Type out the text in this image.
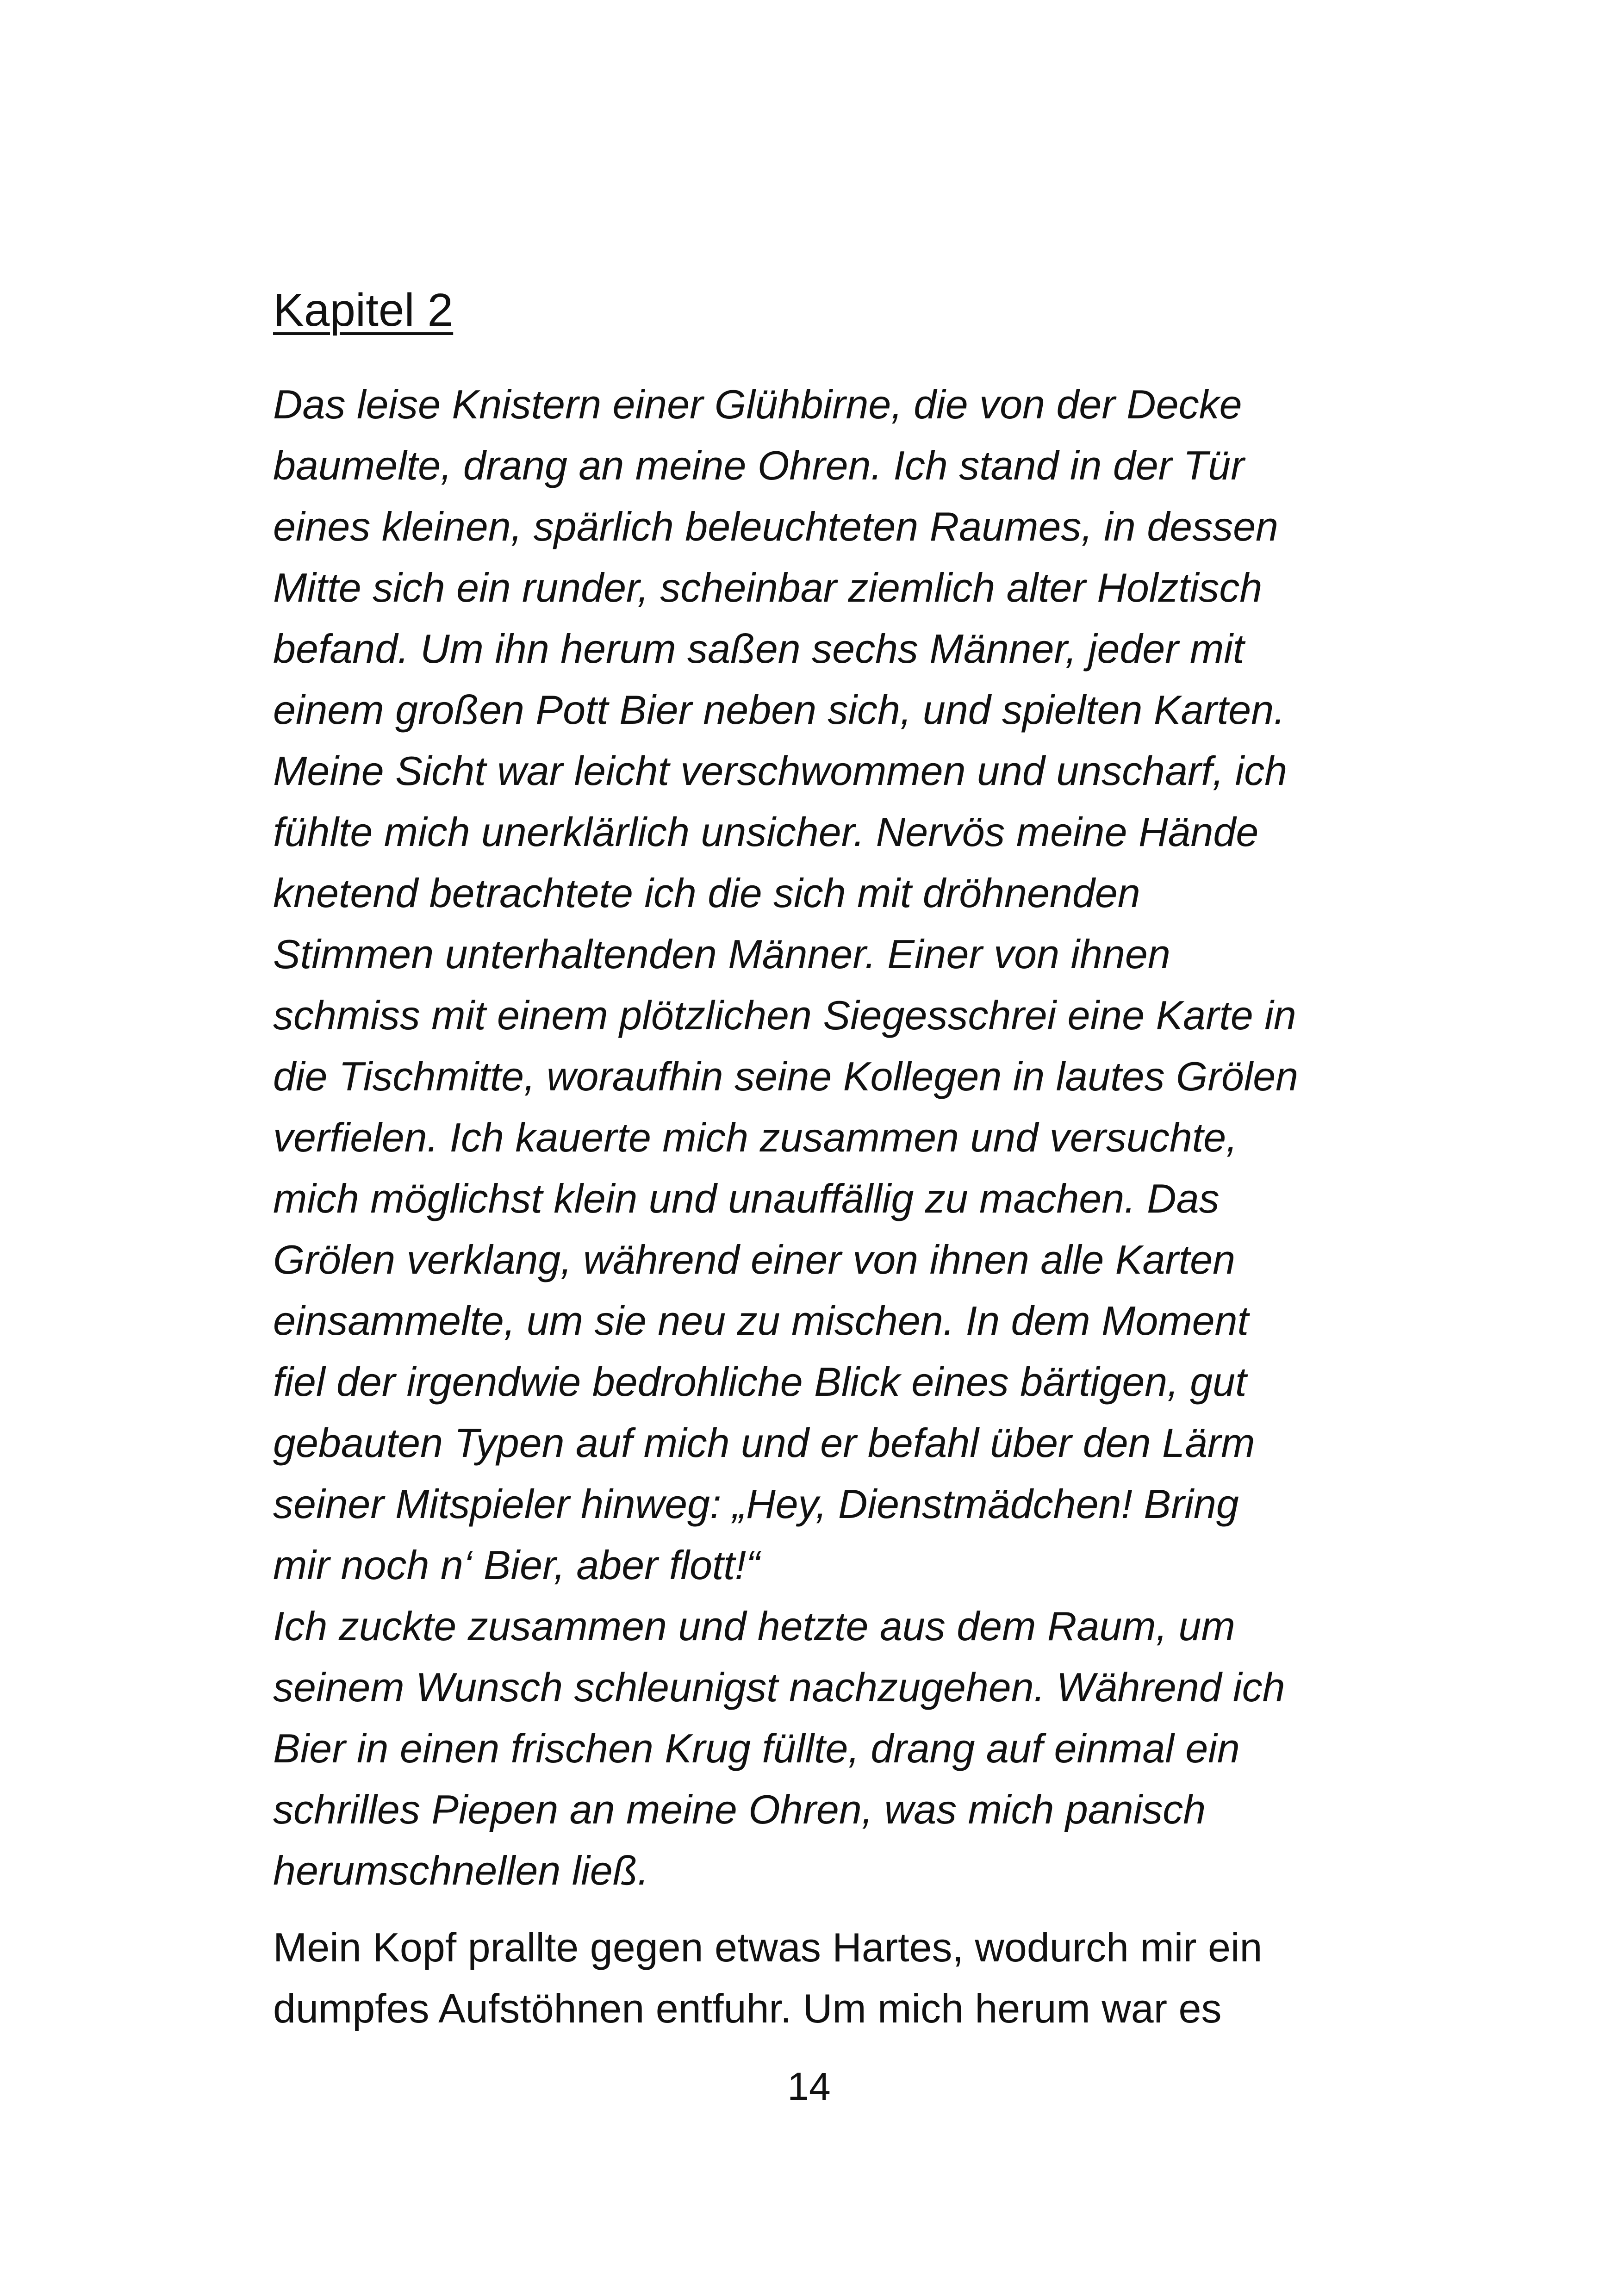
Kapitel 2
Das leise Knistern einer Glühbirne, die von der Decke
baumelte, drang an meine Ohren. Ich stand in der Tür
eines kleinen, spärlich beleuchteten Raumes, in dessen
Mitte sich ein runder, scheinbar ziemlich alter Holztisch
befand. Um ihn herum saßen sechs Männer, jeder mit
einem großen Pott Bier neben sich, und spielten Karten.
Meine Sicht war leicht verschwommen und unscharf, ich
fühlte mich unerklärlich unsicher. Nervös meine Hände
knetend betrachtete ich die sich mit dröhnenden
Stimmen unterhaltenden Männer. Einer von ihnen
schmiss mit einem plötzlichen Siegesschrei eine Karte in
die Tischmitte, woraufhin seine Kollegen in lautes Grölen
verfielen. Ich kauerte mich zusammen und versuchte,
mich möglichst klein und unauffällig zu machen. Das
Grölen verklang, während einer von ihnen alle Karten
einsammelte, um sie neu zu mischen. In dem Moment
fiel der irgendwie bedrohliche Blick eines bärtigen, gut
gebauten Typen auf mich und er befahl über den Lärm
seiner Mitspieler hinweg: „Hey, Dienstmädchen! Bring
mir noch n‘ Bier, aber flott!“
Ich zuckte zusammen und hetzte aus dem Raum, um
seinem Wunsch schleunigst nachzugehen. Während ich
Bier in einen frischen Krug füllte, drang auf einmal ein
schrilles Piepen an meine Ohren, was mich panisch
herumschnellen ließ.
Mein Kopf prallte gegen etwas Hartes, wodurch mir ein
dumpfes Aufstöhnen entfuhr. Um mich herum war es
14
